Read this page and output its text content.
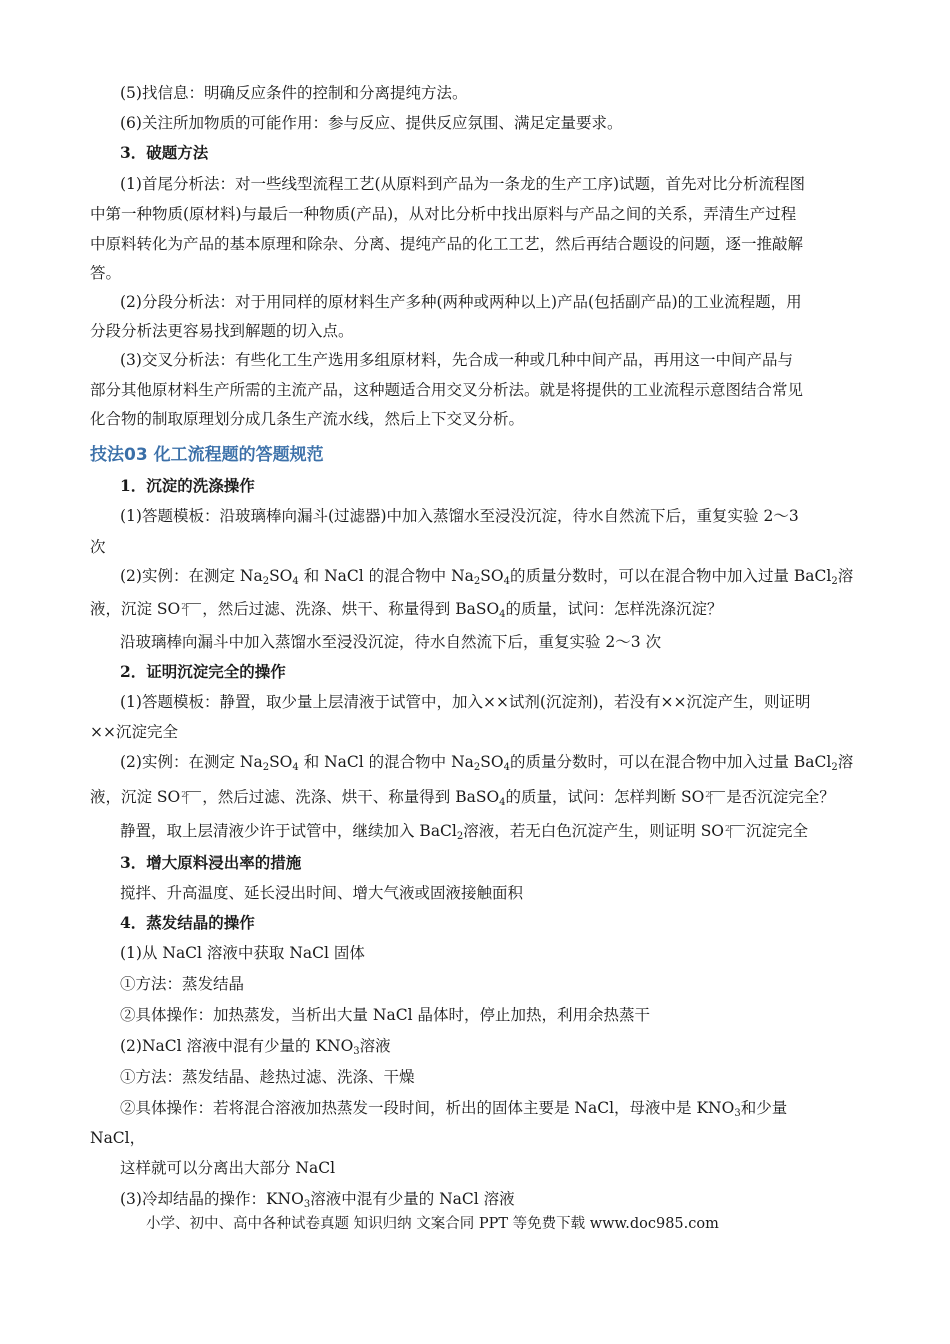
(5)找信息：明确反应条件的控制和分离提纯方法。
(6)关注所加物质的可能作用：参与反应、提供反应氛围、满足定量要求。
3．破题方法
(1)首尾分析法：对一些线型流程工艺(从原料到产品为一条龙的生产工序)试题，首先对比分析流程图
中第一种物质(原材料)与最后一种物质(产品)，从对比分析中找出原料与产品之间的关系，弄清生产过程
中原料转化为产品的基本原理和除杂、分离、提纯产品的化工工艺，然后再结合题设的问题，逐一推敲解
答。
(2)分段分析法：对于用同样的原材料生产多种(两种或两种以上)产品(包括副产品)的工业流程题，用
分段分析法更容易找到解题的切入点。
(3)交叉分析法：有些化工生产选用多组原材料，先合成一种或几种中间产品，再用这一中间产品与
部分其他原材料生产所需的主流产品，这种题适合用交叉分析法。就是将提供的工业流程示意图结合常见
化合物的制取原理划分成几条生产流水线，然后上下交叉分析。
技法03 化工流程题的答题规范
1．沉淀的洗涤操作
(1)答题模板：沿玻璃棒向漏斗(过滤器)中加入蒸馏水至浸没沉淀，待水自然流下后，重复实验 2～3
次
(2)实例：在测定 $Na_2SO_4$ 和 NaCl 的混合物中 $Na_2SO_4$的质量分数时，可以在混合物中加入过量 BaCl$_2$溶
液，沉淀 SO 2- ，然后过滤、洗涤、烘干、称量得到 BaSO$_4$的质量，试问：怎样洗涤沉淀？
沿玻璃棒向漏斗中加入蒸馏水至浸没沉淀，待水自然流下后，重复实验 2～3 次
2．证明沉淀完全的操作
(1)答题模板：静置，取少量上层清液于试管中，加入××试剂(沉淀剂)，若没有××沉淀产生，则证明
××沉淀完全
(2)实例：在测定 $Na_2SO_4$ 和 NaCl 的混合物中 $Na_2SO_4$的质量分数时，可以在混合物中加入过量 BaCl$_2$溶
液，沉淀 SO 2- ，然后过滤、洗涤、烘干、称量得到 BaSO$_4$的质量，试问：怎样判断 SO 2- 是否沉淀完全？
静置，取上层清液少许于试管中，继续加入 BaCl$_2$溶液，若无白色沉淀产生，则证明 SO 2- 沉淀完全
3．增大原料浸出率的措施
搅拌、升高温度、延长浸出时间、增大气液或固液接触面积
4．蒸发结晶的操作
(1)从 NaCl 溶液中获取 NaCl 固体
①方法：蒸发结晶
②具体操作：加热蒸发，当析出大量 NaCl 晶体时，停止加热，利用余热蒸干
(2)NaCl 溶液中混有少量的 $KNO_3$溶液
①方法：蒸发结晶、趁热过滤、洗涤、干燥
②具体操作：若将混合溶液加热蒸发一段时间，析出的固体主要是 NaCl，母液中是 $KNO_3$和少量
NaCl，
这样就可以分离出大部分 NaCl
(3)冷却结晶的操作：$KNO_3$溶液中混有少量的 NaCl 溶液
小学、初中、高中各种试卷真题 知识归纳 文案合同 PPT 等免费下载 www.doc985.com
